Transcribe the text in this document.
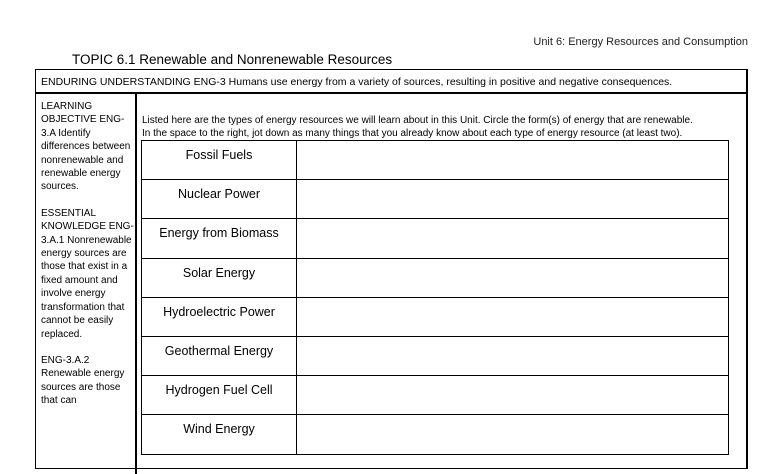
Unit 6: Energy Resources and Consumption
TOPIC 6.1 Renewable and Nonrenewable Resources
ENDURING UNDERSTANDING ENG-3 Humans use energy from a variety of sources, resulting in positive and negative consequences.
LEARNING OBJECTIVE ENG-3.A Identify differences between nonrenewable and renewable energy sources.
ESSENTIAL KNOWLEDGE ENG-3.A.1 Nonrenewable energy sources are those that exist in a fixed amount and involve energy transformation that cannot be easily replaced.
ENG-3.A.2 Renewable energy sources are those that can
Listed here are the types of energy resources we will learn about in this Unit. Circle the form(s) of energy that are renewable.
In the space to the right, jot down as many things that you already know about each type of energy resource (at least two).
Fossil Fuels	
Nuclear Power	
Energy from Biomass	
Solar Energy	
Hydroelectric Power	
Geothermal Energy	
Hydrogen Fuel Cell	
Wind Energy	
